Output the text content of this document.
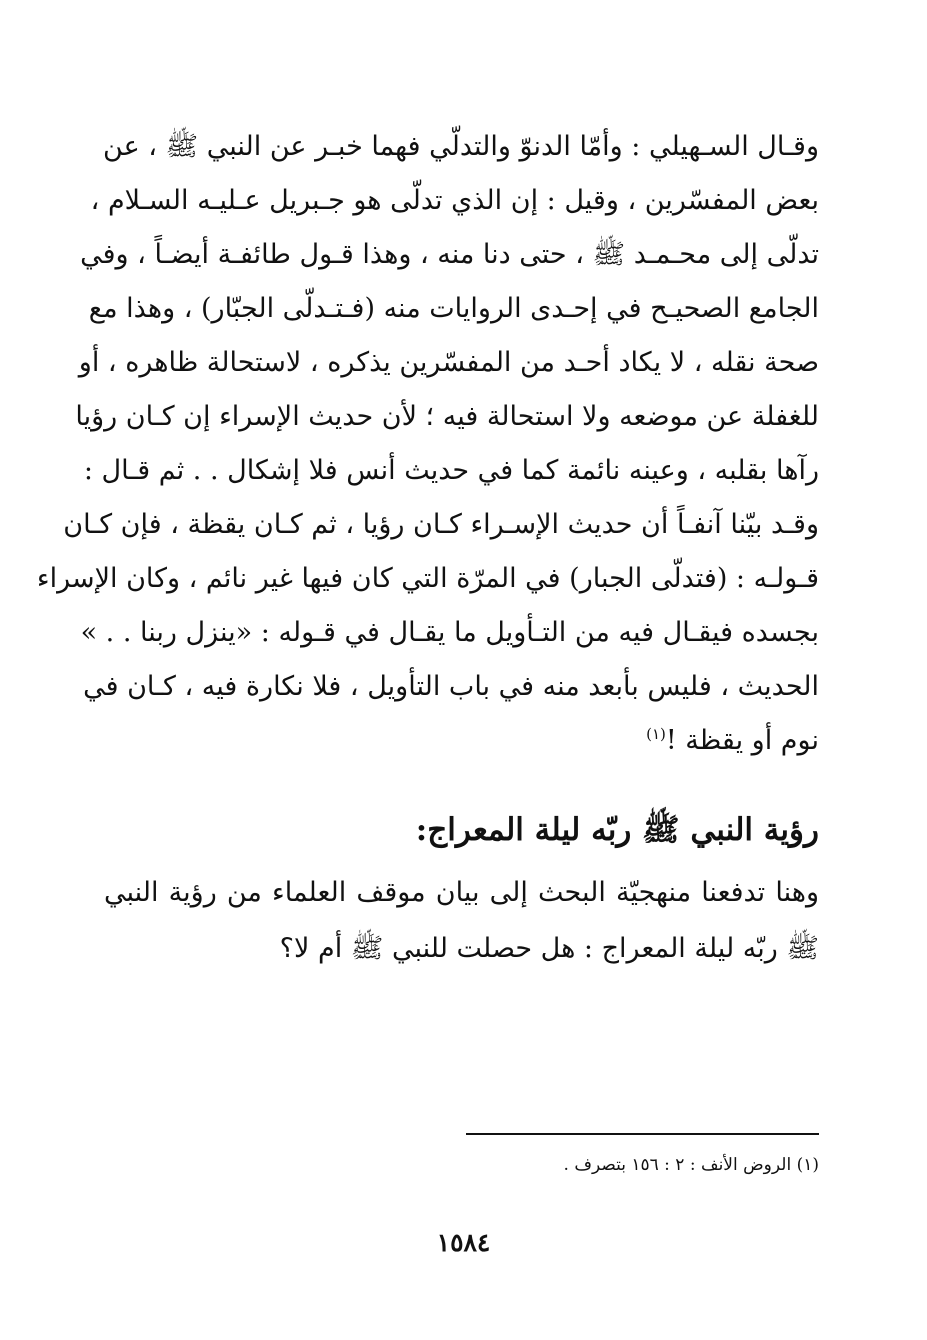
وقـال السـهيلي : وأمّا الدنوّ والتدلّي فهما خبـر عن النبي ﷺ ، عن
بعض المفسّرين ، وقيل : إن الذي تدلّى هو جـبريل عـليـه السـلام ،
تدلّى إلى محـمـد ﷺ ، حتى دنا منه ، وهذا قـول طائفـة أيضـاً ، وفي
الجامع الصحيـح في إحـدى الروايات منه (فـتـدلّى الجبّار) ، وهذا مع
صحة نقله ، لا يكاد أحـد من المفسّرين يذكره ، لاستحالة ظاهره ، أو
للغفلة عن موضعه ولا استحالة فيه ؛ لأن حديث الإسراء إن كـان رؤيا
رآها بقلبه ، وعينه نائمة كما في حديث أنس فلا إشكال . . ثم قـال :
وقـد بيّنا آنفـاً أن حديث الإسـراء كـان رؤيا ، ثم كـان يقظة ، فإن كـان
قـولـه : (فتدلّى الجبار) في المرّة التي كان فيها غير نائم ، وكان الإسراء
بجسده فيقـال فيه من التـأويل ما يقـال في قـوله : «ينزل ربنا . . »
الحديث ، فليس بأبعد منه في باب التأويل ، فلا نكارة فيه ، كـان في
نوم أو يقظة !$^{(١)}$
رؤية النبي ﷺ ربّه ليلة المعراج:
وهنا تدفعنا منهجيّة البحث إلى بيان موقف العلماء من رؤية النبي
ﷺ ربّه ليلة المعراج : هل حصلت للنبي ﷺ أم لا؟
(١) الروض الأنف : ٢ : ١٥٦ بتصرف .
١٥٨٤
